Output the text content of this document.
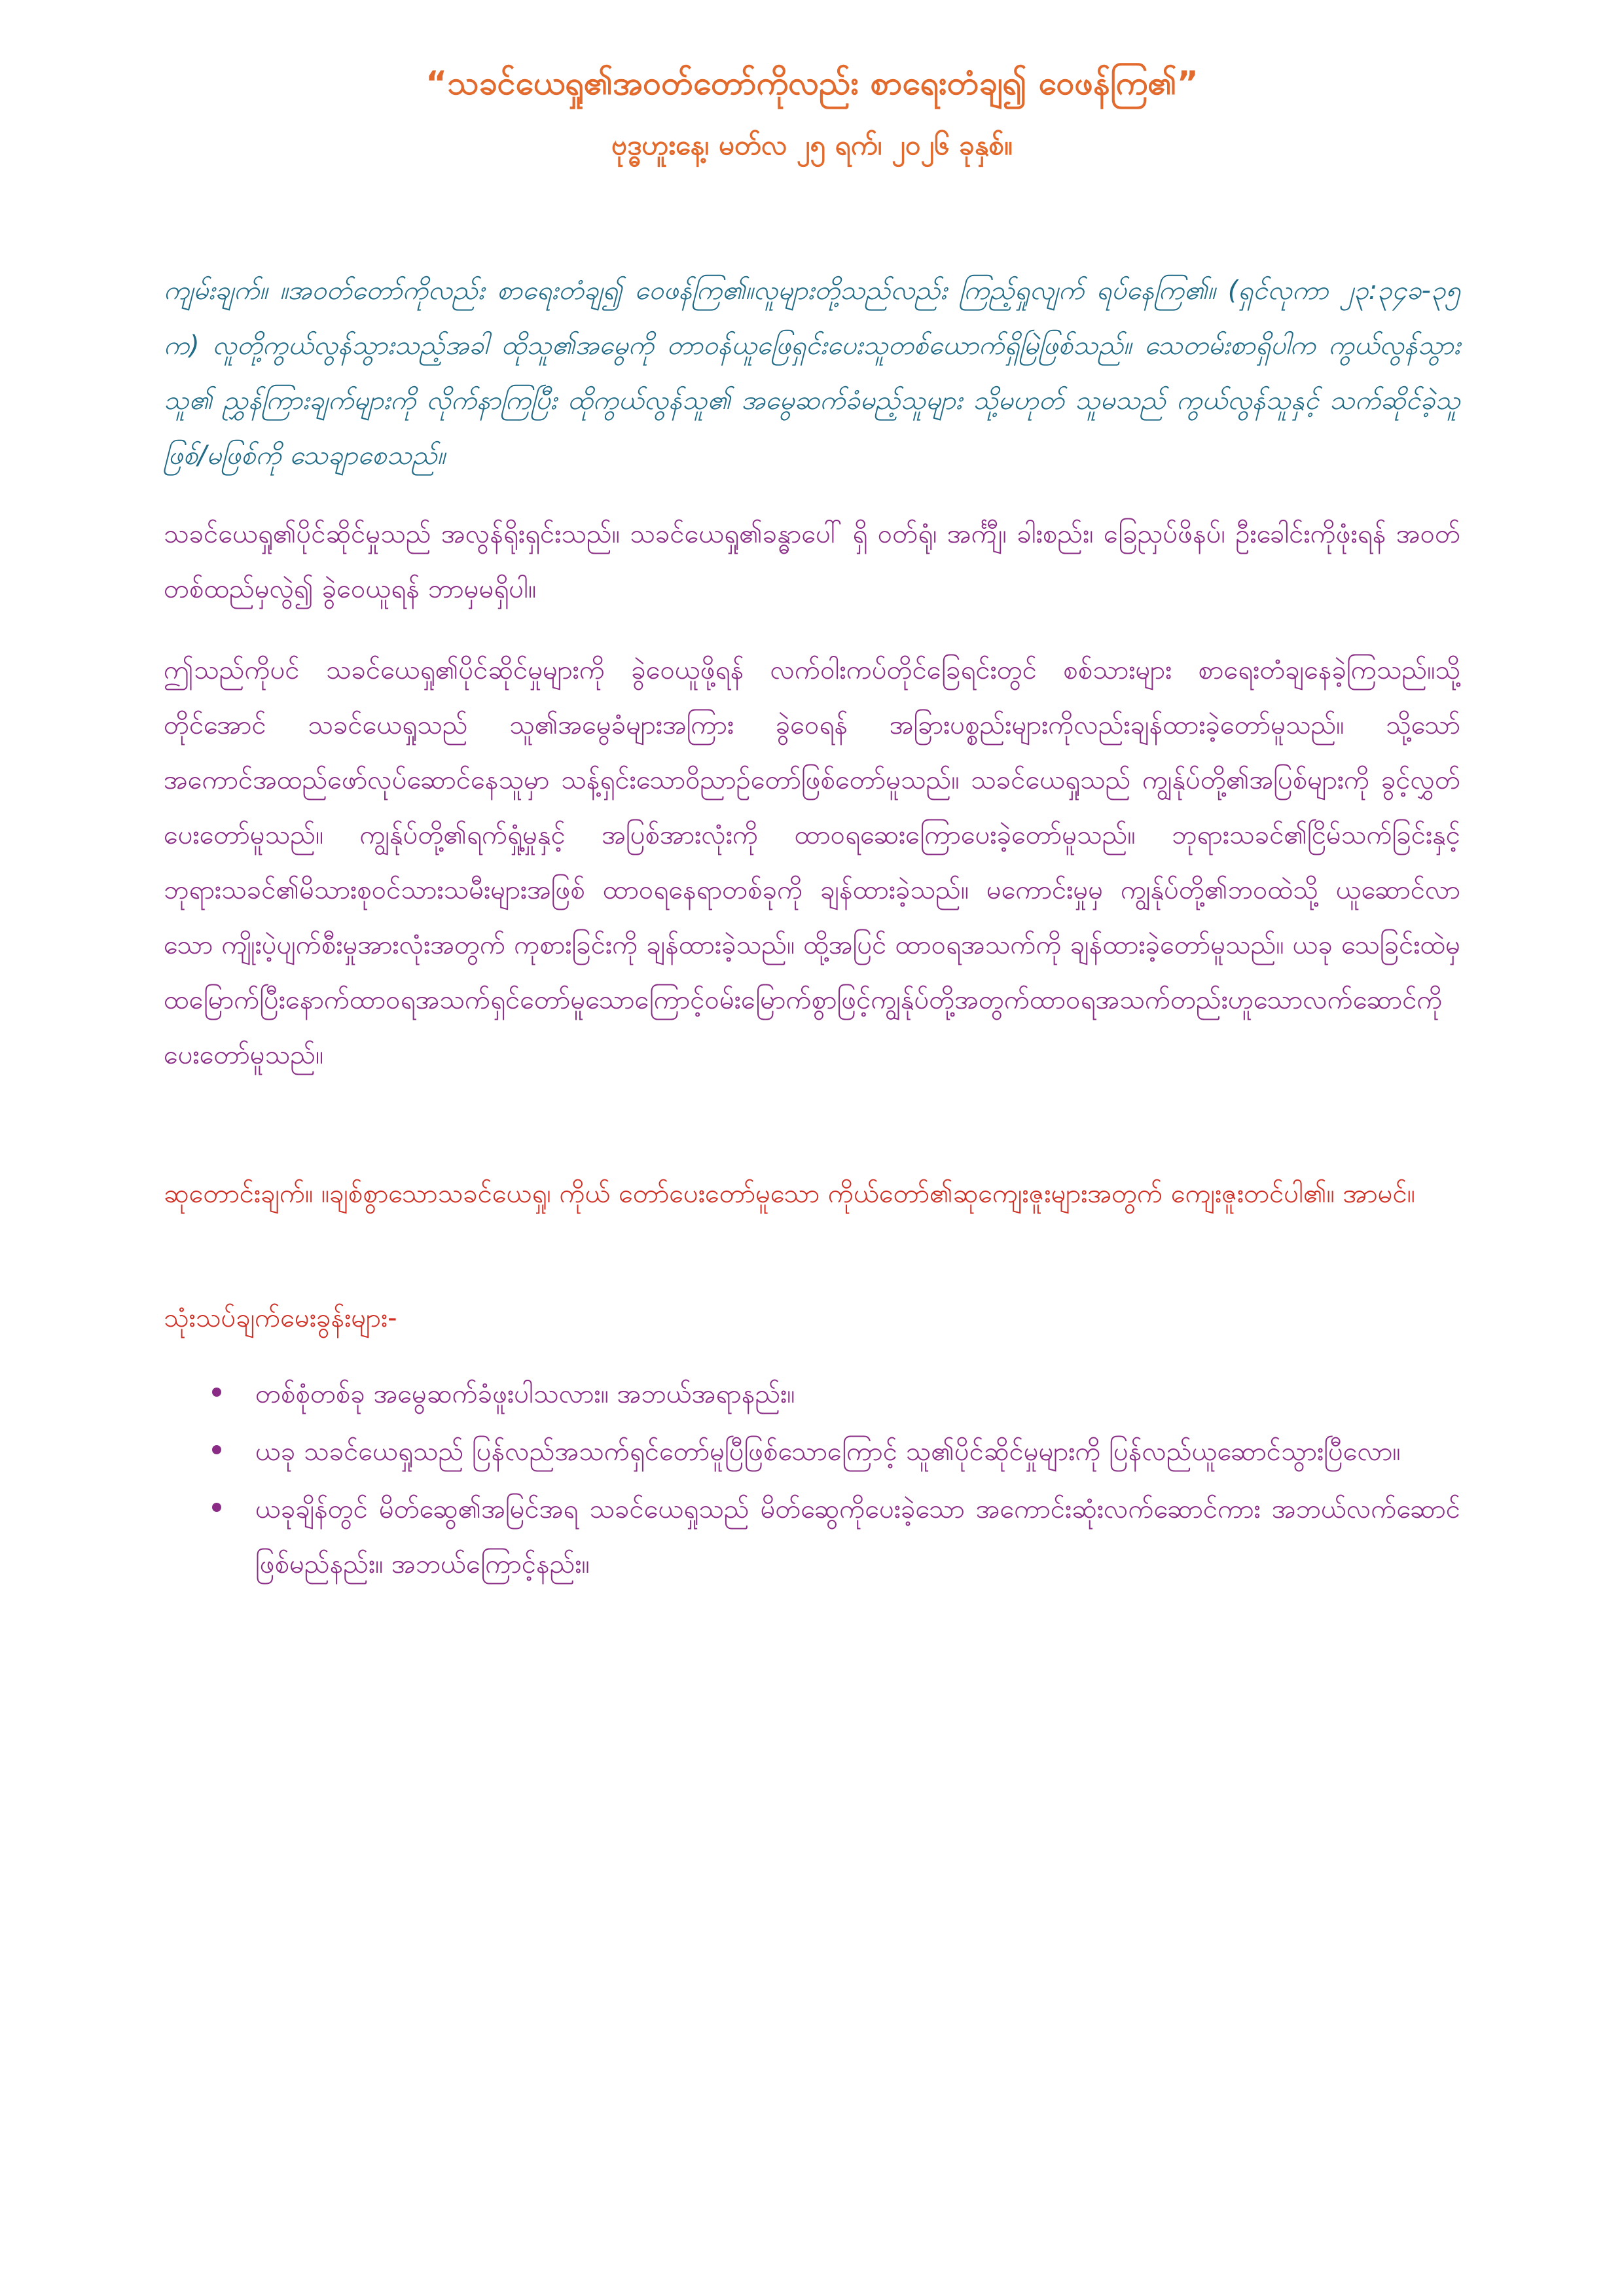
“သခင်ယေရှု၏အဝတ်တော်ကိုလည်း စာရေးတံချ၍ ဝေဖန်ကြ၏”

ဗုဒ္ဓဟူးနေ့၊ မတ်လ ၂၅ ရက်၊ ၂၀၂၆ ခုနှစ်။

ကျမ်းချက်။ ။အဝတ်တော်ကိုလည်း စာရေးတံချ၍ ဝေဖန်ကြ၏။လူများတို့သည်လည်း ကြည့်ရှုလျက် ရပ်နေကြ၏။ (ရှင်လုကာ ၂၃:၃၄ခ-၃၅ က) လူတို့ကွယ်လွန်သွားသည့်အခါ ထိုသူ၏အမွေကို တာဝန်ယူဖြေရှင်းပေးသူတစ်ယောက်ရှိမြဲဖြစ်သည်။ သေတမ်းစာရှိပါက ကွယ်လွန်သွားသူ၏ ညွှန်ကြားချက်များကို လိုက်နာကြပြီး ထိုကွယ်လွန်သူ၏ အမွေဆက်ခံမည့်သူများ သို့မဟုတ် သူမသည် ကွယ်လွန်သူနှင့် သက်ဆိုင်ခဲ့သူ ဖြစ်/မဖြစ်ကို သေချာစေသည်။

သခင်ယေရှု၏ပိုင်ဆိုင်မှုသည် အလွန်ရိုးရှင်းသည်။ သခင်ယေရှု၏ခန္ဓာပေါ် ရှိ ဝတ်ရုံ၊ အင်္ကျီ၊ ခါးစည်း၊ ခြေညှပ်ဖိနပ်၊ ဦးခေါင်းကိုဖုံးရန် အဝတ်တစ်ထည်မှလွဲ၍ ခွဲဝေယူရန် ဘာမှမရှိပါ။

ဤသည်ကိုပင် သခင်ယေရှု၏ပိုင်ဆိုင်မှုများကို ခွဲဝေယူဖို့ရန် လက်ဝါးကပ်တိုင်ခြေရင်းတွင် စစ်သားများ စာရေးတံချနေခဲ့ကြသည်။သို့တိုင်အောင် သခင်ယေရှုသည် သူ၏အမွေခံများအကြား ခွဲဝေရန် အခြားပစ္စည်းများကိုလည်းချန်ထားခဲ့တော်မူသည်။ သို့သော် အကောင်အထည်ဖော်လုပ်ဆောင်နေသူမှာ သန့်ရှင်းသောဝိညာဉ်တော်ဖြစ်တော်မူသည်။ သခင်ယေရှုသည် ကျွန်ုပ်တို့၏အပြစ်များကို ခွင့်လွှတ်ပေးတော်မူသည်။ ကျွန်ုပ်တို့၏ရက်ရှုံ့မှုနှင့် အပြစ်အားလုံးကို ထာဝရဆေးကြောပေးခဲ့တော်မူသည်။ ဘုရားသခင်၏ငြိမ်သက်ခြင်းနှင့် ဘုရားသခင်၏မိသားစုဝင်သားသမီးများအဖြစ် ထာဝရနေရာတစ်ခုကို ချန်ထားခဲ့သည်။ မကောင်းမှုမှ ကျွန်ုပ်တို့၏ဘဝထဲသို့ ယူဆောင်လာသော ကျိုးပဲ့ပျက်စီးမှုအားလုံးအတွက် ကုစားခြင်းကို ချန်ထားခဲ့သည်။ ထို့အပြင် ထာဝရအသက်ကို ချန်ထားခဲ့တော်မူသည်။ ယခု သေခြင်းထဲမှ ထမြောက်ပြီးနောက်ထာဝရအသက်ရှင်တော်မူသောကြောင့်ဝမ်းမြောက်စွာဖြင့်ကျွန်ုပ်တို့အတွက်ထာဝရအသက်တည်းဟူသောလက်ဆောင်ကိုပေးတော်မူသည်။

ဆုတောင်းချက်။ ။ချစ်စွာသောသခင်ယေရှု၊ ကိုယ် တော်ပေးတော်မူသော ကိုယ်တော်၏ဆုကျေးဇူးများအတွက် ကျေးဇူးတင်ပါ၏။ အာမင်။

သုံးသပ်ချက်မေးခွန်းများ-

တစ်စုံတစ်ခု အမွေဆက်ခံဖူးပါသလား။ အဘယ်အရာနည်း။
ယခု သခင်ယေရှုသည် ပြန်လည်အသက်ရှင်တော်မူပြီဖြစ်သောကြောင့် သူ၏ပိုင်ဆိုင်မှုများကို ပြန်လည်ယူဆောင်သွားပြီလော။
ယခုချိန်တွင် မိတ်ဆွေ၏အမြင်အရ သခင်ယေရှုသည် မိတ်ဆွေကိုပေးခဲ့သော အကောင်းဆုံးလက်ဆောင်ကား အဘယ်လက်ဆောင်ဖြစ်မည်နည်း။ အဘယ်ကြောင့်နည်း။
